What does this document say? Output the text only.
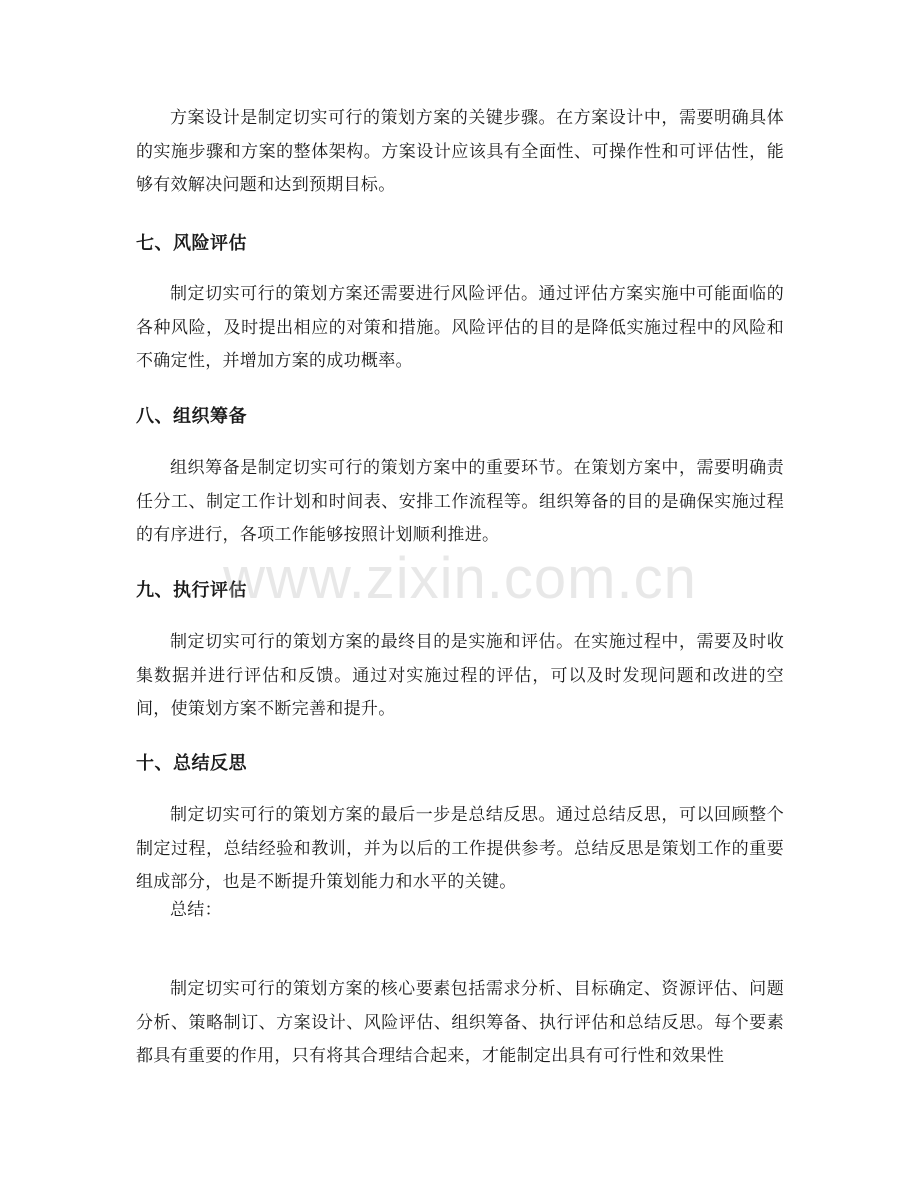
方案设计是制定切实可行的策划方案的关键步骤。在方案设计中，需要明确具体的实施步骤和方案的整体架构。方案设计应该具有全面性、可操作性和可评估性，能够有效解决问题和达到预期目标。

七、风险评估

制定切实可行的策划方案还需要进行风险评估。通过评估方案实施中可能面临的各种风险，及时提出相应的对策和措施。风险评估的目的是降低实施过程中的风险和不确定性，并增加方案的成功概率。

八、组织筹备

组织筹备是制定切实可行的策划方案中的重要环节。在策划方案中，需要明确责任分工、制定工作计划和时间表、安排工作流程等。组织筹备的目的是确保实施过程的有序进行，各项工作能够按照计划顺利推进。

九、执行评估

制定切实可行的策划方案的最终目的是实施和评估。在实施过程中，需要及时收集数据并进行评估和反馈。通过对实施过程的评估，可以及时发现问题和改进的空间，使策划方案不断完善和提升。

十、总结反思

制定切实可行的策划方案的最后一步是总结反思。通过总结反思，可以回顾整个制定过程，总结经验和教训，并为以后的工作提供参考。总结反思是策划工作的重要组成部分，也是不断提升策划能力和水平的关键。

总结：

制定切实可行的策划方案的核心要素包括需求分析、目标确定、资源评估、问题分析、策略制订、方案设计、风险评估、组织筹备、执行评估和总结反思。每个要素都具有重要的作用，只有将其合理结合起来，才能制定出具有可行性和效果性

www.zixin.com.cn
